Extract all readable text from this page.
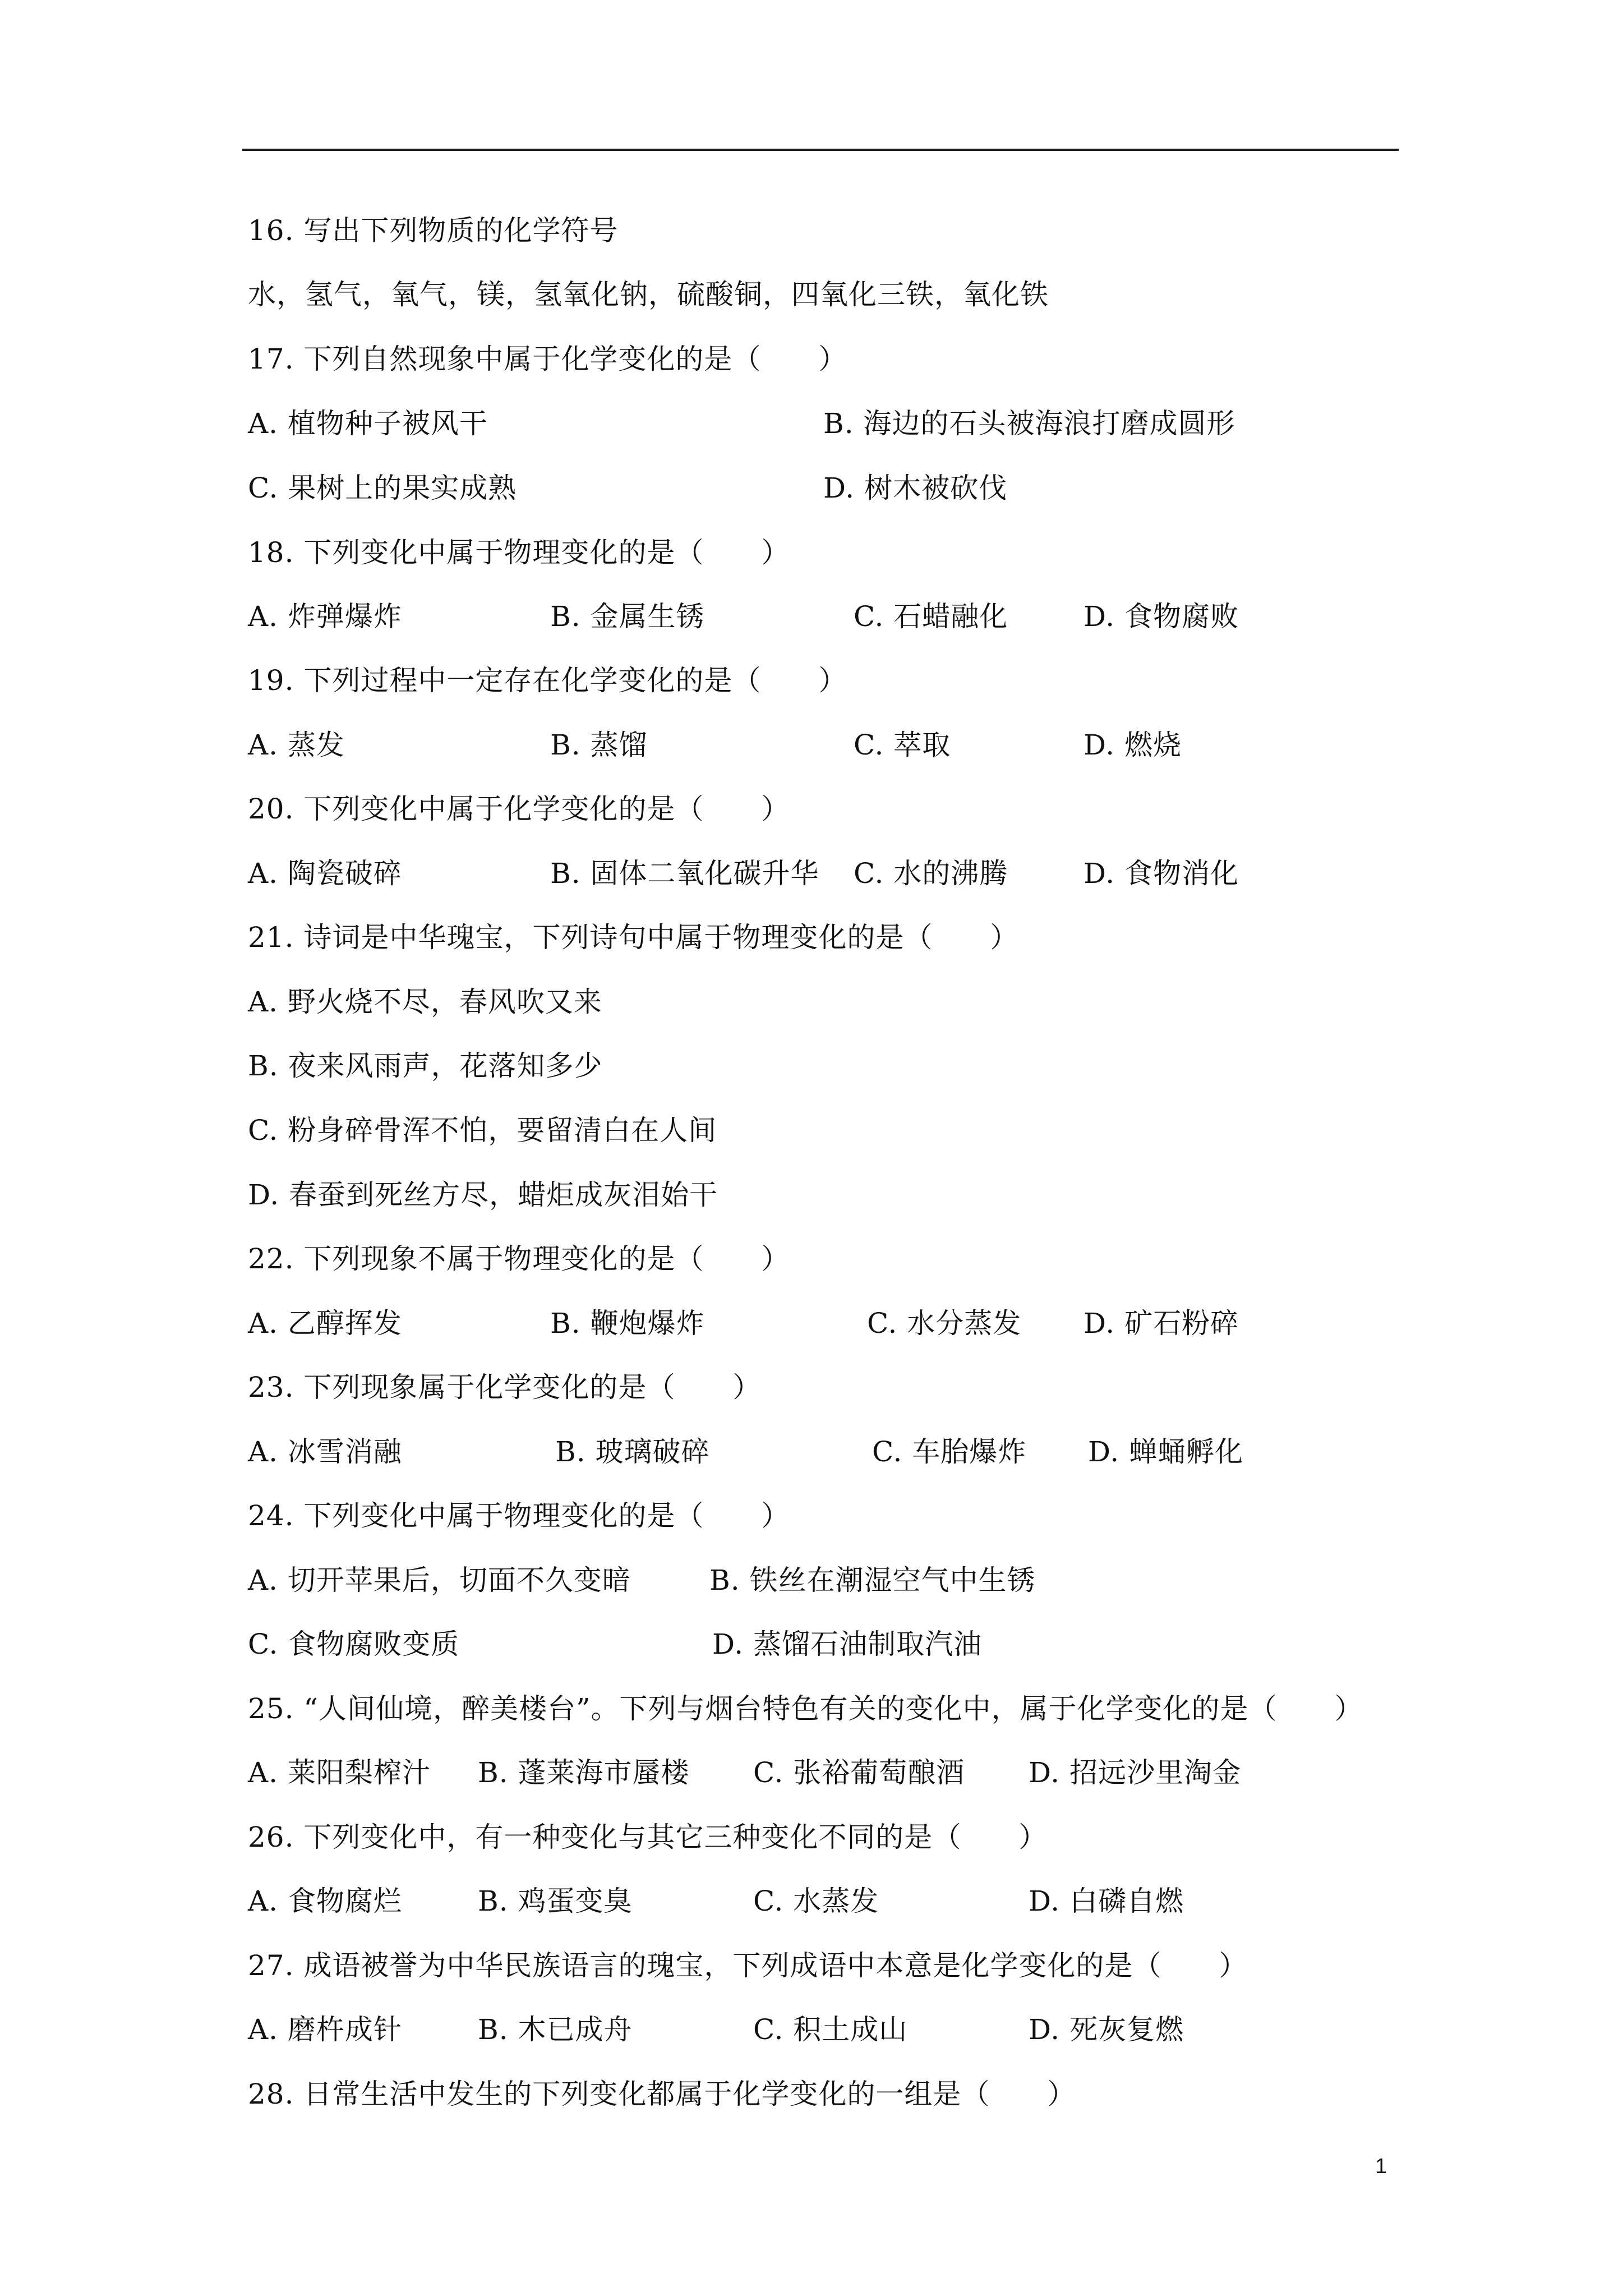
16. 写出下列物质的化学符号
水，氢气，氧气，镁，氢氧化钠，硫酸铜，四氧化三铁，氧化铁
17. 下列自然现象中属于化学变化的是（　　）
A. 植物种子被风干	B. 海边的石头被海浪打磨成圆形
C. 果树上的果实成熟	D. 树木被砍伐
18. 下列变化中属于物理变化的是（　　）
A. 炸弹爆炸	B. 金属生锈	C. 石蜡融化	D. 食物腐败
19. 下列过程中一定存在化学变化的是（　　）
A. 蒸发	B. 蒸馏	C. 萃取	D. 燃烧
20. 下列变化中属于化学变化的是（　　）
A. 陶瓷破碎	B. 固体二氧化碳升华 C. 水的沸腾	D. 食物消化
21. 诗词是中华瑰宝，下列诗句中属于物理变化的是（　　）
A. 野火烧不尽，春风吹又来
B. 夜来风雨声，花落知多少
C. 粉身碎骨浑不怕，要留清白在人间
D. 春蚕到死丝方尽，蜡炬成灰泪始干
22. 下列现象不属于物理变化的是（　　）
A. 乙醇挥发	B. 鞭炮爆炸	C. 水分蒸发 D. 矿石粉碎
23. 下列现象属于化学变化的是（　　）
A. 冰雪消融	B. 玻璃破碎	C. 车胎爆炸 D. 蝉蛹孵化
24. 下列变化中属于物理变化的是（　　）
A. 切开苹果后，切面不久变暗	B. 铁丝在潮湿空气中生锈
C. 食物腐败变质	D. 蒸馏石油制取汽油
25. “人间仙境，醉美楼台”。下列与烟台特色有关的变化中，属于化学变化的是（　　）
A. 莱阳梨榨汁 B. 蓬莱海市蜃楼 C. 张裕葡萄酿酒 D. 招远沙里淘金
26. 下列变化中，有一种变化与其它三种变化不同的是（　　）
A. 食物腐烂	B. 鸡蛋变臭	C. 水蒸发	D. 白磷自燃
27. 成语被誉为中华民族语言的瑰宝，下列成语中本意是化学变化的是（　　）
A. 磨杵成针	B. 木已成舟	C. 积土成山	D. 死灰复燃
28. 日常生活中发生的下列变化都属于化学变化的一组是（　　）
1
